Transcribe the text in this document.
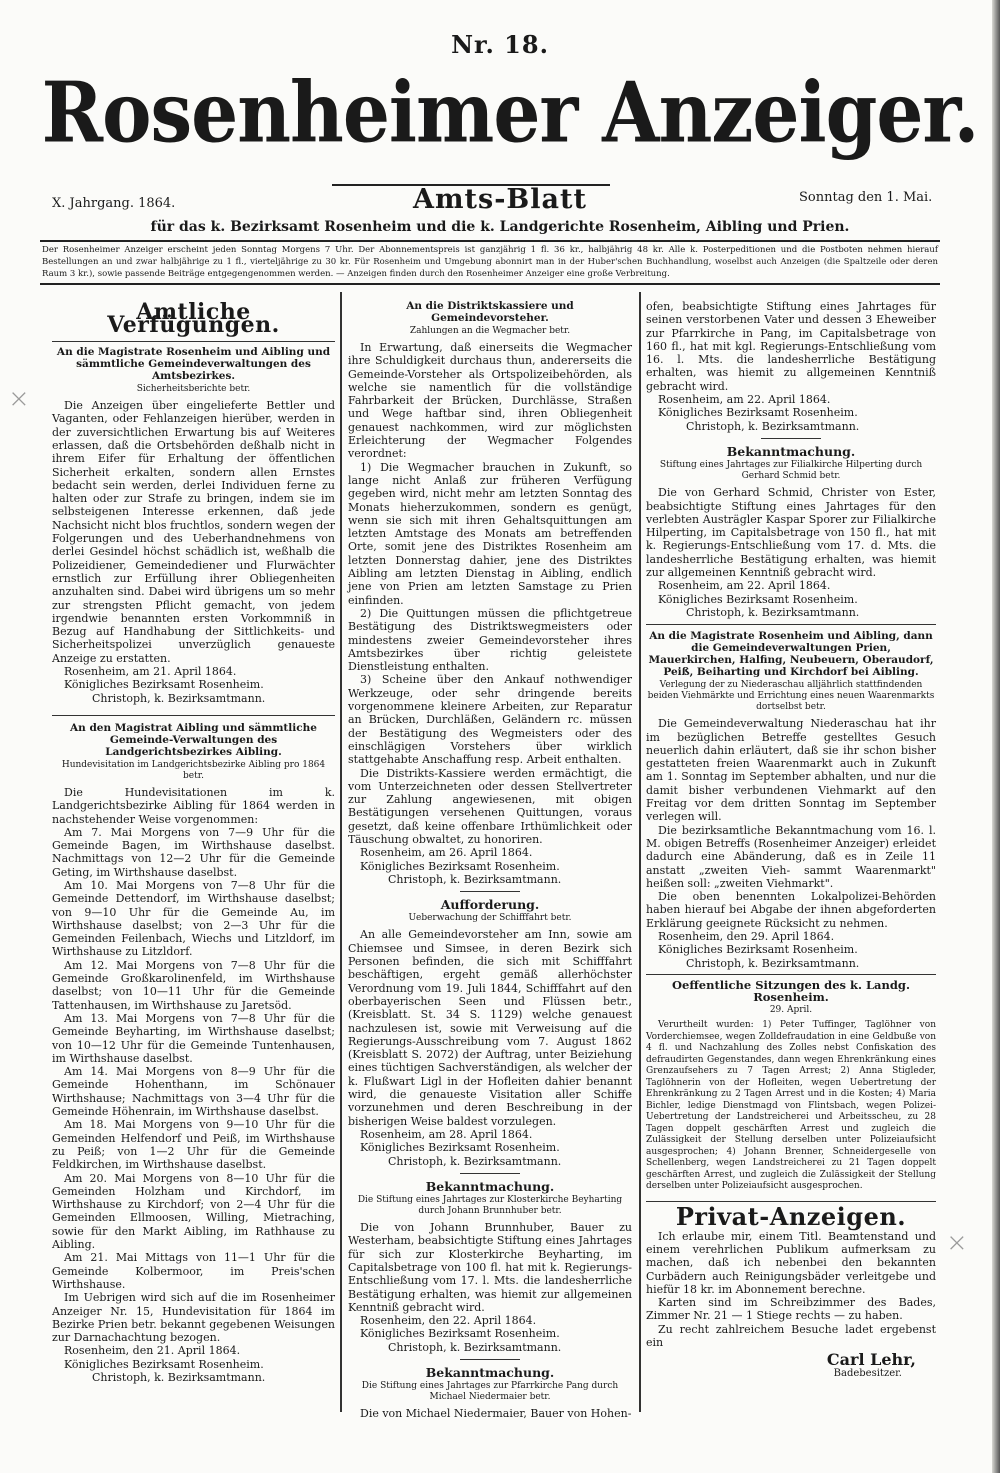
×
×
Nr. 18.
Rosenheimer Anzeiger.
X. Jahrgang. 1864.	Amts-Blatt	Sonntag den 1. Mai.
für das k. Bezirksamt Rosenheim und die k. Landgerichte Rosenheim, Aibling und Prien.
Der Rosenheimer Anzeiger erscheint jeden Sonntag Morgens 7 Uhr. Der Abonnementspreis ist ganzjährig 1 fl. 36 kr., halbjährig 48 kr. Alle k. Posterpeditionen und die Postboten nehmen hierauf Bestellungen an und zwar halbjährige zu 1 fl., vierteljährige zu 30 kr. Für Rosenheim und Umgebung abonnirt man in der Huber'schen Buchhandlung, woselbst auch Anzeigen (die Spaltzeile oder deren Raum 3 kr.), sowie passende Beiträge entgegengenommen werden. — Anzeigen finden durch den Rosenheimer Anzeiger eine große Verbreitung.
Amtliche Verfügungen.
An die Magistrate Rosenheim und Aibling und sämmtliche Gemeindeverwaltungen des Amtsbezirkes.
Sicherheitsberichte betr.

Die Anzeigen über eingelieferte Bettler und Vaganten, oder Fehlanzeigen hierüber, werden in der zuversichtlichen Erwartung bis auf Weiteres erlassen, daß die Ortsbehörden deßhalb nicht in ihrem Eifer für Erhaltung der öffentlichen Sicherheit erkalten, sondern allen Ernstes bedacht sein werden, derlei Individuen ferne zu halten oder zur Strafe zu bringen, indem sie im selbsteigenen Interesse erkennen, daß jede Nachsicht nicht blos fruchtlos, sondern wegen der Folgerungen und des Ueberhandnehmens von derlei Gesindel höchst schädlich ist, weßhalb die Polizeidiener, Gemeindediener und Flurwächter ernstlich zur Erfüllung ihrer Obliegenheiten anzuhalten sind. Dabei wird übrigens um so mehr zur strengsten Pflicht gemacht, von jedem irgendwie benannten ersten Vorkommniß in Bezug auf Handhabung der Sittlichkeits- und Sicherheitspolizei unverzüglich genaueste Anzeige zu erstatten.

Rosenheim, am 21. April 1864.

Königliches Bezirksamt Rosenheim.

Christoph, k. Bezirksamtmann.

An den Magistrat Aibling und sämmtliche Gemeinde-Verwaltungen des Landgerichtsbezirkes Aibling.
Hundevisitation im Landgerichtsbezirke Aibling pro 1864 betr.

Die Hundevisitationen im k. Landgerichtsbezirke Aibling für 1864 werden in nachstehender Weise vorgenommen:

Am 7. Mai Morgens von 7—9 Uhr für die Gemeinde Bagen, im Wirthshause daselbst. Nachmittags von 12—2 Uhr für die Gemeinde Geting, im Wirthshause daselbst.

Am 10. Mai Morgens von 7—8 Uhr für die Gemeinde Dettendorf, im Wirthshause daselbst; von 9—10 Uhr für die Gemeinde Au, im Wirthshause daselbst; von 2—3 Uhr für die Gemeinden Feilenbach, Wiechs und Litzldorf, im Wirthshause zu Litzldorf.

Am 12. Mai Morgens von 7—8 Uhr für die Gemeinde Großkarolinenfeld, im Wirthshause daselbst; von 10—11 Uhr für die Gemeinde Tattenhausen, im Wirthshause zu Jaretsöd.

Am 13. Mai Morgens von 7—8 Uhr für die Gemeinde Beyharting, im Wirthshause daselbst; von 10—12 Uhr für die Gemeinde Tuntenhausen, im Wirthshause daselbst.

Am 14. Mai Morgens von 8—9 Uhr für die Gemeinde Hohenthann, im Schönauer Wirthshause; Nachmittags von 3—4 Uhr für die Gemeinde Höhenrain, im Wirthshause daselbst.

Am 18. Mai Morgens von 9—10 Uhr für die Gemeinden Helfendorf und Peiß, im Wirthshause zu Peiß; von 1—2 Uhr für die Gemeinde Feldkirchen, im Wirthshause daselbst.

Am 20. Mai Morgens von 8—10 Uhr für die Gemeinden Holzham und Kirchdorf, im Wirthshause zu Kirchdorf; von 2—4 Uhr für die Gemeinden Ellmoosen, Willing, Mietraching, sowie für den Markt Aibling, im Rathhause zu Aibling.

Am 21. Mai Mittags von 11—1 Uhr für die Gemeinde Kolbermoor, im Preis'schen Wirthshause.

Im Uebrigen wird sich auf die im Rosenheimer Anzeiger Nr. 15, Hundevisitation für 1864 im Bezirke Prien betr. bekannt gegebenen Weisungen zur Darnachachtung bezogen.

Rosenheim, den 21. April 1864.

Königliches Bezirksamt Rosenheim.

Christoph, k. Bezirksamtmann.

An die Distriktskassiere und Gemeindevorsteher.
Zahlungen an die Wegmacher betr.

In Erwartung, daß einerseits die Wegmacher ihre Schuldigkeit durchaus thun, andererseits die Gemeinde-Vorsteher als Ortspolizeibehörden, als welche sie namentlich für die vollständige Fahrbarkeit der Brücken, Durchlässe, Straßen und Wege haftbar sind, ihren Obliegenheit genauest nachkommen, wird zur möglichsten Erleichterung der Wegmacher Folgendes verordnet:

1) Die Wegmacher brauchen in Zukunft, so lange nicht Anlaß zur früheren Verfügung gegeben wird, nicht mehr am letzten Sonntag des Monats hieherzukommen, sondern es genügt, wenn sie sich mit ihren Gehaltsquittungen am letzten Amtstage des Monats am betreffenden Orte, somit jene des Distriktes Rosenheim am letzten Donnerstag dahier, jene des Distriktes Aibling am letzten Dienstag in Aibling, endlich jene von Prien am letzten Samstage zu Prien einfinden.

2) Die Quittungen müssen die pflichtgetreue Bestätigung des Distriktswegmeisters oder mindestens zweier Gemeindevorsteher ihres Amtsbezirkes über richtig geleistete Dienstleistung enthalten.

3) Scheine über den Ankauf nothwendiger Werkzeuge, oder sehr dringende bereits vorgenommene kleinere Arbeiten, zur Reparatur an Brücken, Durchläßen, Geländern rc. müssen der Bestätigung des Wegmeisters oder des einschlägigen Vorstehers über wirklich stattgehabte Anschaffung resp. Arbeit enthalten.

Die Distrikts-Kassiere werden ermächtigt, die vom Unterzeichneten oder dessen Stellvertreter zur Zahlung angewiesenen, mit obigen Bestätigungen versehenen Quittungen, voraus gesetzt, daß keine offenbare Irthümlichkeit oder Täuschung obwaltet, zu honoriren.

Rosenheim, am 26. April 1864.

Königliches Bezirksamt Rosenheim.

Christoph, k. Bezirksamtmann.

Aufforderung.
Ueberwachung der Schifffahrt betr.

An alle Gemeindevorsteher am Inn, sowie am Chiemsee und Simsee, in deren Bezirk sich Personen befinden, die sich mit Schifffahrt beschäftigen, ergeht gemäß allerhöchster Verordnung vom 19. Juli 1844, Schifffahrt auf den oberbayerischen Seen und Flüssen betr., (Kreisblatt. St. 34 S. 1129) welche genauest nachzulesen ist, sowie mit Verweisung auf die Regierungs-Ausschreibung vom 7. August 1862 (Kreisblatt S. 2072) der Auftrag, unter Beiziehung eines tüchtigen Sachverständigen, als welcher der k. Flußwart Ligl in der Hofleiten dahier benannt wird, die genaueste Visitation aller Schiffe vorzunehmen und deren Beschreibung in der bisherigen Weise baldest vorzulegen.

Rosenheim, am 28. April 1864.

Königliches Bezirksamt Rosenheim.

Christoph, k. Bezirksamtmann.

Bekanntmachung.
Die Stiftung eines Jahrtages zur Klosterkirche Beyharting durch Johann Brunnhuber betr.

Die von Johann Brunnhuber, Bauer zu Westerham, beabsichtigte Stiftung eines Jahrtages für sich zur Klosterkirche Beyharting, im Capitalsbetrage von 100 fl. hat mit k. Regierungs-Entschließung vom 17. l. Mts. die landesherrliche Bestätigung erhalten, was hiemit zur allgemeinen Kenntniß gebracht wird.

Rosenheim, den 22. April 1864.

Königliches Bezirksamt Rosenheim.

Christoph, k. Bezirksamtmann.

Bekanntmachung.
Die Stiftung eines Jahrtages zur Pfarrkirche Pang durch Michael Niedermaier betr.

Die von Michael Niedermaier, Bauer von Hohen-

ofen, beabsichtigte Stiftung eines Jahrtages für seinen verstorbenen Vater und dessen 3 Eheweiber zur Pfarrkirche in Pang, im Capitalsbetrage von 160 fl., hat mit kgl. Regierungs-Entschließung vom 16. l. Mts. die landesherrliche Bestätigung erhalten, was hiemit zu allgemeinen Kenntniß gebracht wird.

Rosenheim, am 22. April 1864.

Königliches Bezirksamt Rosenheim.

Christoph, k. Bezirksamtmann.

Bekanntmachung.
Stiftung eines Jahrtages zur Filialkirche Hilperting durch Gerhard Schmid betr.

Die von Gerhard Schmid, Christer von Ester, beabsichtigte Stiftung eines Jahrtages für den verlebten Austrägler Kaspar Sporer zur Filialkirche Hilperting, im Capitalsbetrage von 150 fl., hat mit k. Regierungs-Entschließung vom 17. d. Mts. die landesherrliche Bestätigung erhalten, was hiemit zur allgemeinen Kenntniß gebracht wird.

Rosenheim, am 22. April 1864.

Königliches Bezirksamt Rosenheim.

Christoph, k. Bezirksamtmann.

An die Magistrate Rosenheim und Aibling, dann die Gemeindeverwaltungen Prien, Mauerkirchen, Halfing, Neubeuern, Oberaudorf, Peiß, Beiharting und Kirchdorf bei Aibling.
Verlegung der zu Niederaschau alljährlich stattfindenden beiden Viehmärkte und Errichtung eines neuen Waarenmarkts dortselbst betr.

Die Gemeindeverwaltung Niederaschau hat ihr im bezüglichen Betreffe gestelltes Gesuch neuerlich dahin erläutert, daß sie ihr schon bisher gestatteten freien Waarenmarkt auch in Zukunft am 1. Sonntag im September abhalten, und nur die damit bisher verbundenen Viehmarkt auf den Freitag vor dem dritten Sonntag im September verlegen will.

Die bezirksamtliche Bekanntmachung vom 16. l. M. obigen Betreffs (Rosenheimer Anzeiger) erleidet dadurch eine Abänderung, daß es in Zeile 11 anstatt „zweiten Vieh- sammt Waarenmarkt" heißen soll: „zweiten Viehmarkt".

Die oben benennten Lokalpolizei-Behörden haben hierauf bei Abgabe der ihnen abgeforderten Erklärung geeignete Rücksicht zu nehmen.

Rosenheim, den 29. April 1864.

Königliches Bezirksamt Rosenheim.

Christoph, k. Bezirksamtmann.

Oeffentliche Sitzungen des k. Landg. Rosenheim.
29. April.

Verurtheilt wurden: 1) Peter Tuffinger, Taglöhner von Vorderchiemsee, wegen Zolldefraudation in eine Geldbuße von 4 fl. und Nachzahlung des Zolles nebst Confiskation des defraudirten Gegenstandes, dann wegen Ehrenkränkung eines Grenzaufsehers zu 7 Tagen Arrest; 2) Anna Stigleder, Taglöhnerin von der Hofleiten, wegen Uebertretung der Ehrenkränkung zu 2 Tagen Arrest und in die Kosten; 4) Maria Bichler, ledige Dienstmagd von Flintsbach, wegen Polizei-Uebertretung der Landstreicherei und Arbeitsscheu, zu 28 Tagen doppelt geschärften Arrest und zugleich die Zulässigkeit der Stellung derselben unter Polizeiaufsicht ausgesprochen; 4) Johann Brenner, Schneidergeselle von Schellenberg, wegen Landstreicherei zu 21 Tagen doppelt geschärften Arrest, und zugleich die Zulässigkeit der Stellung derselben unter Polizeiaufsicht ausgesprochen.

Privat-Anzeigen.

Ich erlaube mir, einem Titl. Beamtenstand und einem verehrlichen Publikum aufmerksam zu machen, daß ich nebenbei den bekannten Curbädern auch Reinigungsbäder verleitgebe und hiefür 18 kr. im Abonnement berechne.

Karten sind im Schreibzimmer des Bades, Zimmer Nr. 21 — 1 Stiege rechts — zu haben.

Zu recht zahlreichem Besuche ladet ergebenst ein

Carl Lehr,
Badebesitzer.
